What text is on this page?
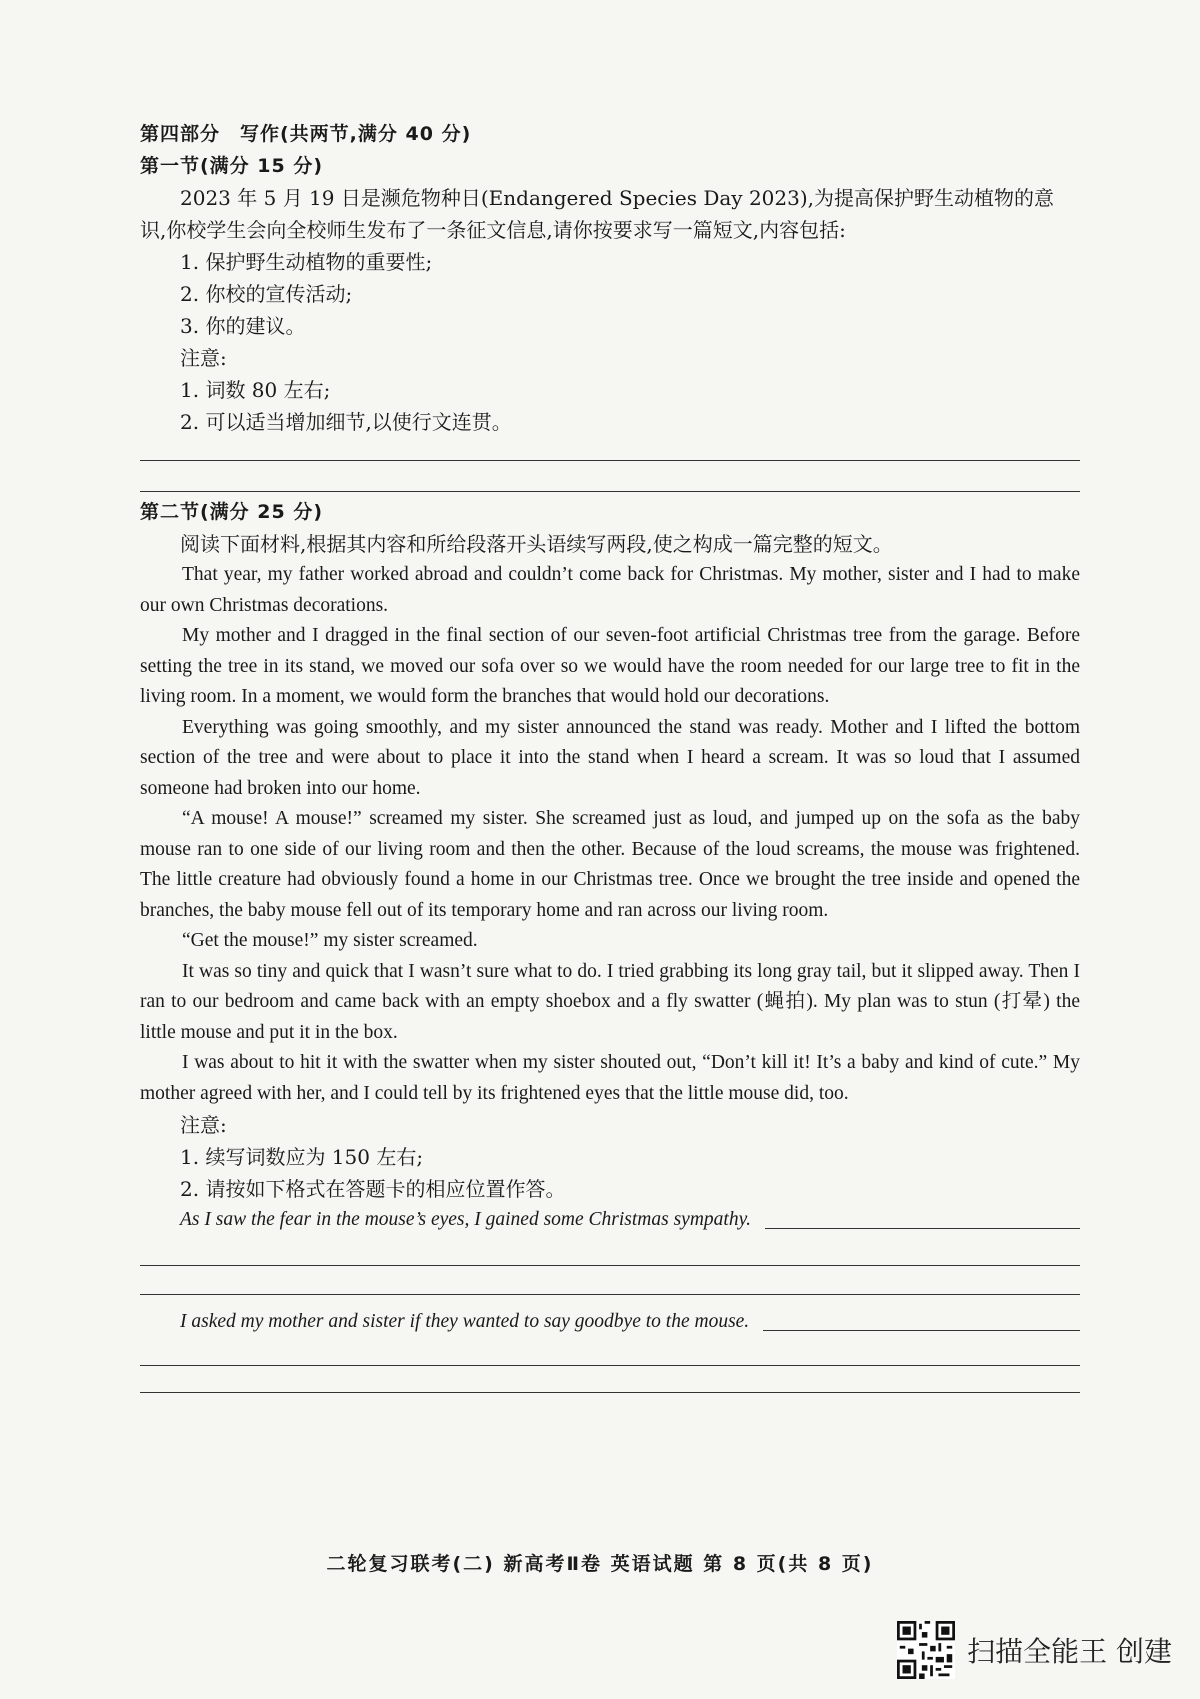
第四部分　写作(共两节,满分 40 分)

第一节(满分 15 分)

2023 年 5 月 19 日是濒危物种日(Endangered Species Day 2023),为提高保护野生动植物的意识,你校学生会向全校师生发布了一条征文信息,请你按要求写一篇短文,内容包括:

1. 保护野生动植物的重要性;

2. 你校的宣传活动;

3. 你的建议。

注意:

1. 词数 80 左右;

2. 可以适当增加细节,以使行文连贯。

第二节(满分 25 分)

阅读下面材料,根据其内容和所给段落开头语续写两段,使之构成一篇完整的短文。

That year, my father worked abroad and couldn’t come back for Christmas. My mother, sister and I had to make our own Christmas decorations.

My mother and I dragged in the final section of our seven-foot artificial Christmas tree from the garage. Before setting the tree in its stand, we moved our sofa over so we would have the room needed for our large tree to fit in the living room. In a moment, we would form the branches that would hold our decorations.

Everything was going smoothly, and my sister announced the stand was ready. Mother and I lifted the bottom section of the tree and were about to place it into the stand when I heard a scream. It was so loud that I assumed someone had broken into our home.

“A mouse! A mouse!” screamed my sister. She screamed just as loud, and jumped up on the sofa as the baby mouse ran to one side of our living room and then the other. Because of the loud screams, the mouse was frightened. The little creature had obviously found a home in our Christmas tree. Once we brought the tree inside and opened the branches, the baby mouse fell out of its temporary home and ran across our living room.

“Get the mouse!” my sister screamed.

It was so tiny and quick that I wasn’t sure what to do. I tried grabbing its long gray tail, but it slipped away. Then I ran to our bedroom and came back with an empty shoebox and a fly swatter (蝇拍). My plan was to stun (打晕) the little mouse and put it in the box.

I was about to hit it with the swatter when my sister shouted out, “Don’t kill it! It’s a baby and kind of cute.” My mother agreed with her, and I could tell by its frightened eyes that the little mouse did, too.

注意:

1. 续写词数应为 150 左右;

2. 请按如下格式在答题卡的相应位置作答。

As I saw the fear in the mouse’s eyes, I gained some Christmas sympathy.
I asked my mother and sister if they wanted to say goodbye to the mouse.
二轮复习联考(二) 新高考Ⅱ卷 英语试题 第 8 页(共 8 页)
扫描全能王 创建
